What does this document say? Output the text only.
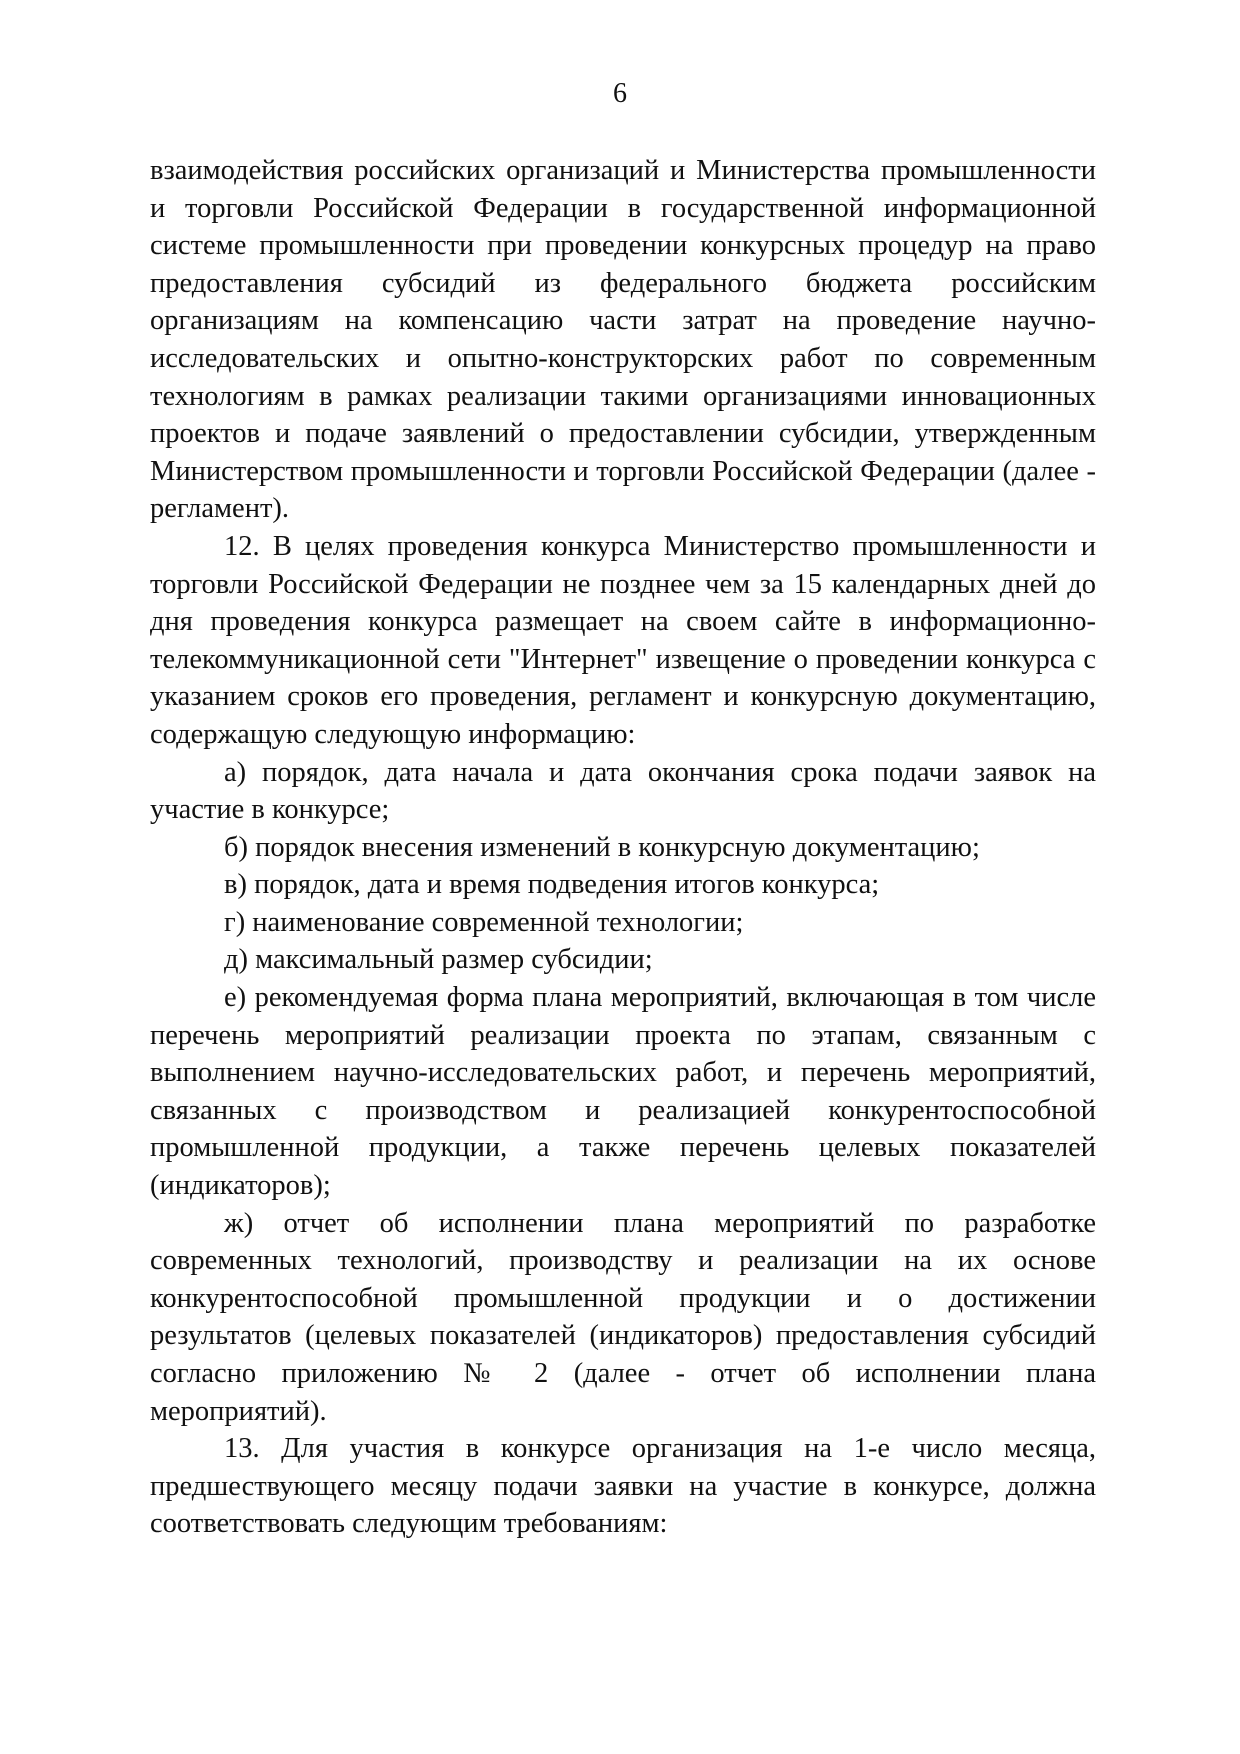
6

взаимодействия российских организаций и Министерства промышленности и торговли Российской Федерации в государственной информационной системе промышленности при проведении конкурсных процедур на право предоставления субсидий из федерального бюджета российским организациям на компенсацию части затрат на проведение научно-исследовательских и опытно-конструкторских работ по современным технологиям в рамках реализации такими организациями инновационных проектов и подаче заявлений о предоставлении субсидии, утвержденным Министерством промышленности и торговли Российской Федерации (далее - регламент).

12. В целях проведения конкурса Министерство промышленности и торговли Российской Федерации не позднее чем за 15 календарных дней до дня проведения конкурса размещает на своем сайте в информационно-телекоммуникационной сети "Интернет" извещение о проведении конкурса с указанием сроков его проведения, регламент и конкурсную документацию, содержащую следующую информацию:

а) порядок, дата начала и дата окончания срока подачи заявок на участие в конкурсе;

б) порядок внесения изменений в конкурсную документацию;

в) порядок, дата и время подведения итогов конкурса;

г) наименование современной технологии;

д) максимальный размер субсидии;

е) рекомендуемая форма плана мероприятий, включающая в том числе перечень мероприятий реализации проекта по этапам, связанным с выполнением научно-исследовательских работ, и перечень мероприятий, связанных с производством и реализацией конкурентоспособной промышленной продукции, а также перечень целевых показателей (индикаторов);

ж) отчет об исполнении плана мероприятий по разработке современных технологий, производству и реализации на их основе конкурентоспособной промышленной продукции и о достижении результатов (целевых показателей (индикаторов) предоставления субсидий согласно приложению № 2 (далее - отчет об исполнении плана мероприятий).

13. Для участия в конкурсе организация на 1-е число месяца, предшествующего месяцу подачи заявки на участие в конкурсе, должна соответствовать следующим требованиям:
